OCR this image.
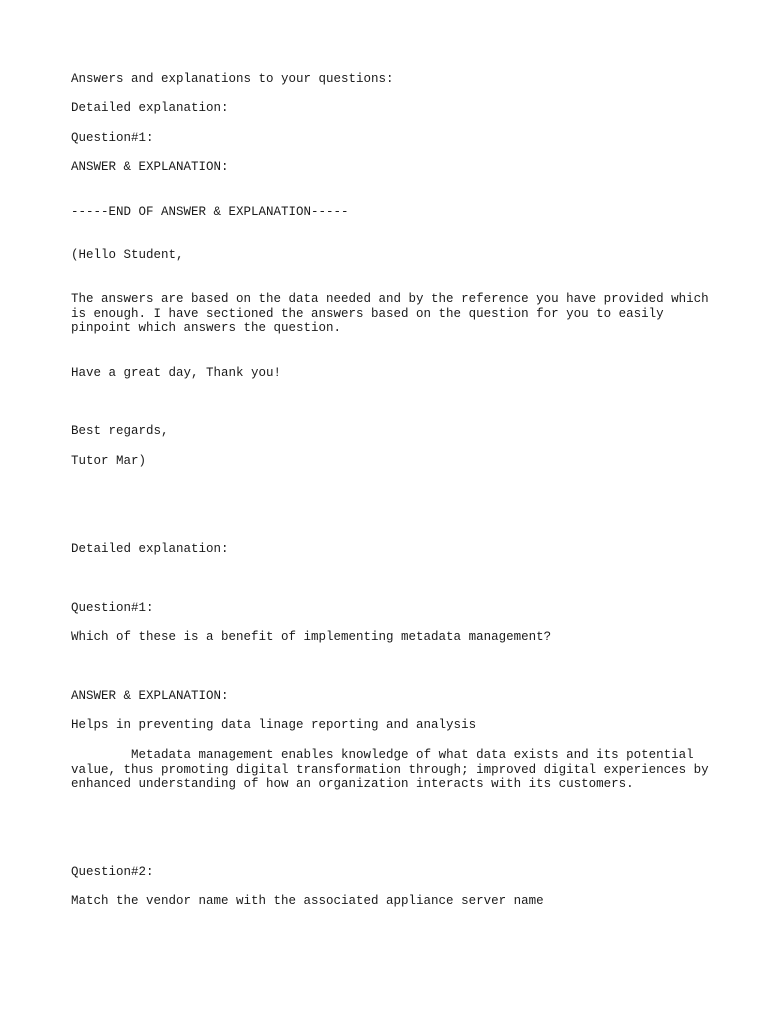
Answers and explanations to your questions:

Detailed explanation:

Question#1:

ANSWER & EXPLANATION:

-----END OF ANSWER & EXPLANATION-----

(Hello Student,

The answers are based on the data needed and by the reference you have provided which is enough. I have sectioned the answers based on the question for you to easily pinpoint which answers the question.

Have a great day, Thank you!

Best regards,

Tutor Mar)

Detailed explanation:

Question#1:

Which of these is a benefit of implementing metadata management?

ANSWER & EXPLANATION:

Helps in preventing data linage reporting and analysis

Metadata management enables knowledge of what data exists and its potential value, thus promoting digital transformation through; improved digital experiences by enhanced understanding of how an organization interacts with its customers.

Question#2:

Match the vendor name with the associated appliance server name
